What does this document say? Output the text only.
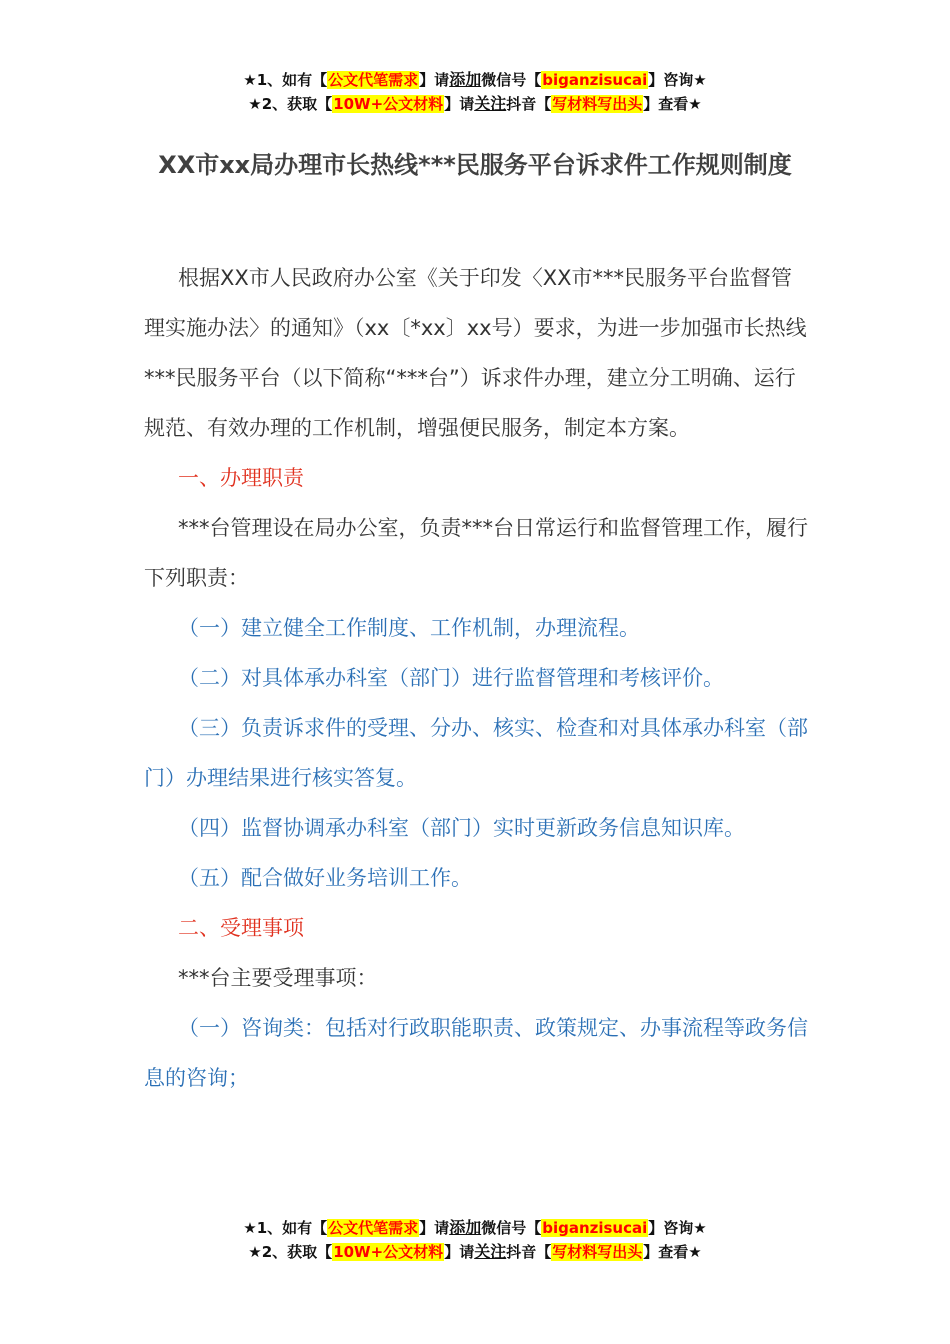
★1、如有【公文代笔需求】请添加微信号【biganzisucai】咨询★
★2、获取【10W+公文材料】请关注抖音【写材料写出头】查看★
XX市xx局办理市长热线***民服务平台诉求件工作规则制度

根据XX市人民政府办公室《关于印发〈XX市***民服务平台监督管理实施办法〉的通知》（xx〔*xx〕xx号）要求，为进一步加强市长热线***民服务平台（以下简称“***台”）诉求件办理，建立分工明确、运行规范、有效办理的工作机制，增强便民服务，制定本方案。

一、办理职责

***台管理设在局办公室，负责***台日常运行和监督管理工作，履行下列职责：

（一）建立健全工作制度、工作机制，办理流程。

（二）对具体承办科室（部门）进行监督管理和考核评价。

（三）负责诉求件的受理、分办、核实、检查和对具体承办科室（部门）办理结果进行核实答复。

（四）监督协调承办科室（部门）实时更新政务信息知识库。

（五）配合做好业务培训工作。

二、受理事项

***台主要受理事项：

（一）咨询类：包括对行政职能职责、政策规定、办事流程等政务信息的咨询；

★1、如有【公文代笔需求】请添加微信号【biganzisucai】咨询★
★2、获取【10W+公文材料】请关注抖音【写材料写出头】查看★
